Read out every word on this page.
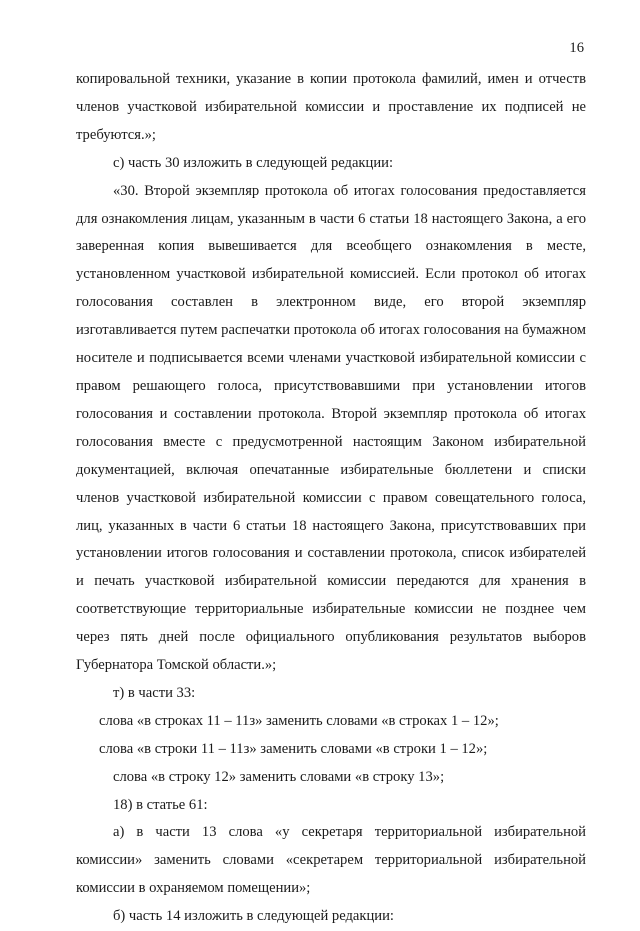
16

копировальной техники, указание в копии протокола фамилий, имен и отчеств членов участковой избирательной комиссии и проставление их подписей не требуются.»;

с) часть 30 изложить в следующей редакции:

«30. Второй экземпляр протокола об итогах голосования предоставляется для ознакомления лицам, указанным в части 6 статьи 18 настоящего Закона, а его заверенная копия вывешивается для всеобщего ознакомления в месте, установленном участковой избирательной комиссией. Если протокол об итогах голосования составлен в электронном виде, его второй экземпляр изготавливается путем распечатки протокола об итогах голосования на бумажном носителе и подписывается всеми членами участковой избирательной комиссии с правом решающего голоса, присутствовавшими при установлении итогов голосования и составлении протокола. Второй экземпляр протокола об итогах голосования вместе с предусмотренной настоящим Законом избирательной документацией, включая опечатанные избирательные бюллетени и списки членов участковой избирательной комиссии с правом совещательного голоса, лиц, указанных в части 6 статьи 18 настоящего Закона, присутствовавших при установлении итогов голосования и составлении протокола, список избирателей и печать участковой избирательной комиссии передаются для хранения в соответствующие территориальные избирательные комиссии не позднее чем через пять дней после официального опубликования результатов выборов Губернатора Томской области.»;

т) в части 33:

слова «в строках 11 – 11з» заменить словами «в строках 1 – 12»;

слова «в строки 11 – 11з» заменить словами «в строки 1 – 12»;

слова «в строку 12» заменить словами «в строку 13»;

18) в статье 61:

а) в части 13 слова «у секретаря территориальной избирательной комиссии» заменить словами «секретарем территориальной избирательной комиссии в охраняемом помещении»;

б) часть 14 изложить в следующей редакции:
